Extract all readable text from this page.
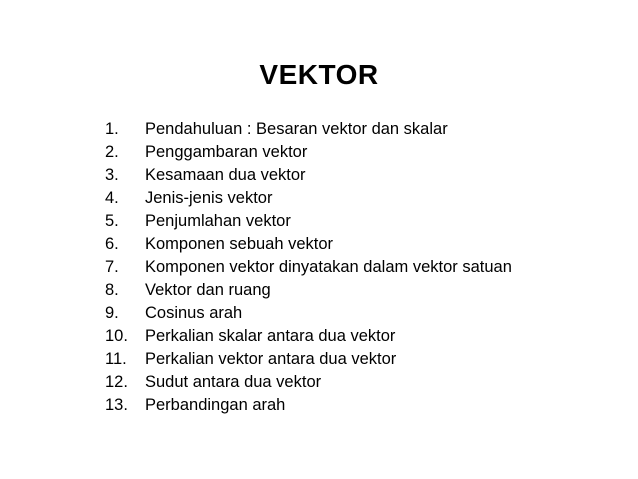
VEKTOR
1.	Pendahuluan : Besaran vektor dan skalar
2.	Penggambaran vektor
3.	Kesamaan dua vektor
4.	Jenis-jenis vektor
5.	Penjumlahan vektor
6.	Komponen sebuah vektor
7.	Komponen vektor dinyatakan dalam vektor satuan
8.	Vektor dan ruang
9.	Cosinus arah
10.	Perkalian skalar antara dua vektor
11.	Perkalian vektor antara dua vektor
12.	Sudut antara dua vektor
13.	Perbandingan arah
